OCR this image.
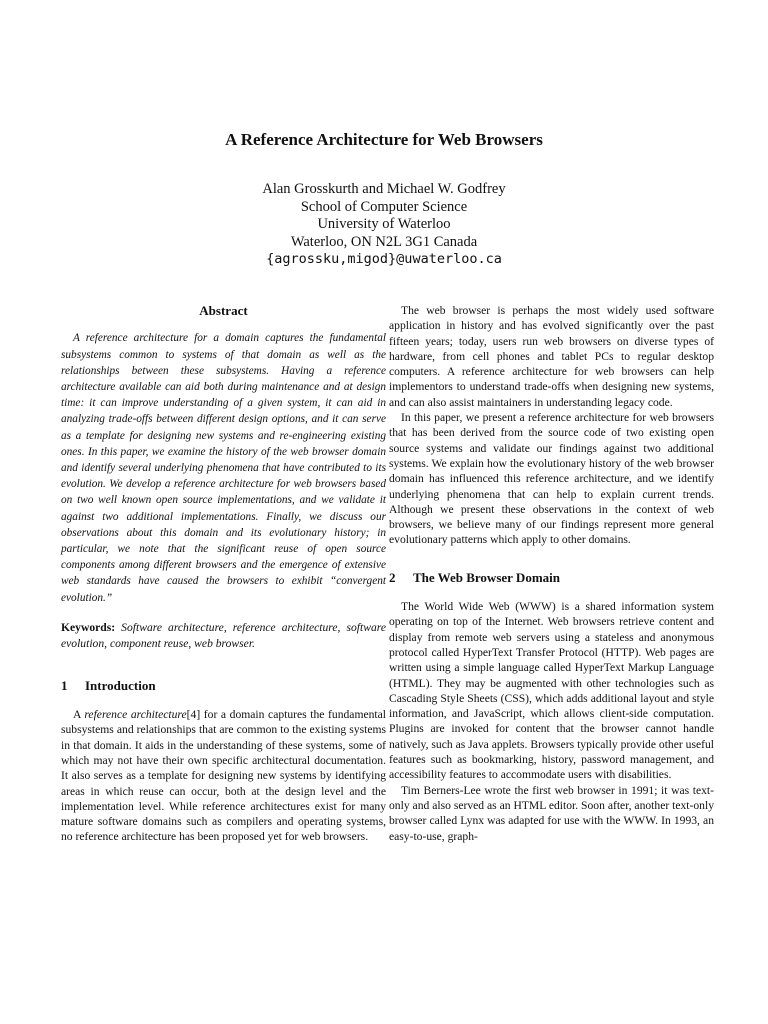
A Reference Architecture for Web Browsers
Alan Grosskurth and Michael W. Godfrey
School of Computer Science
University of Waterloo
Waterloo, ON N2L 3G1 Canada
{agrossku,migod}@uwaterloo.ca
Abstract

A reference architecture for a domain captures the fundamental subsystems common to systems of that domain as well as the relationships between these subsystems. Having a reference architecture available can aid both during maintenance and at design time: it can improve understanding of a given system, it can aid in analyzing trade-offs between different design options, and it can serve as a template for designing new systems and re-engineering existing ones. In this paper, we examine the history of the web browser domain and identify several underlying phenomena that have contributed to its evolution. We develop a reference architecture for web browsers based on two well known open source implementations, and we validate it against two additional implementations. Finally, we discuss our observations about this domain and its evolutionary history; in particular, we note that the significant reuse of open source components among different browsers and the emergence of extensive web standards have caused the browsers to exhibit “convergent evolution.”

Keywords: Software architecture, reference architecture, software evolution, component reuse, web browser.
1 Introduction

A reference architecture[4] for a domain captures the fundamental subsystems and relationships that are common to the existing systems in that domain. It aids in the understanding of these systems, some of which may not have their own specific architectural documentation. It also serves as a template for designing new systems by identifying areas in which reuse can occur, both at the design level and the implementation level. While reference architectures exist for many mature software domains such as compilers and operating systems, no reference architecture has been proposed yet for web browsers.

The web browser is perhaps the most widely used software application in history and has evolved significantly over the past fifteen years; today, users run web browsers on diverse types of hardware, from cell phones and tablet PCs to regular desktop computers. A reference architecture for web browsers can help implementors to understand trade-offs when designing new systems, and can also assist maintainers in understanding legacy code.

In this paper, we present a reference architecture for web browsers that has been derived from the source code of two existing open source systems and validate our findings against two additional systems. We explain how the evolutionary history of the web browser domain has influenced this reference architecture, and we identify underlying phenomena that can help to explain current trends. Although we present these observations in the context of web browsers, we believe many of our findings represent more general evolutionary patterns which apply to other domains.

2 The Web Browser Domain

The World Wide Web (WWW) is a shared information system operating on top of the Internet. Web browsers retrieve content and display from remote web servers using a stateless and anonymous protocol called HyperText Transfer Protocol (HTTP). Web pages are written using a simple language called HyperText Markup Language (HTML). They may be augmented with other technologies such as Cascading Style Sheets (CSS), which adds additional layout and style information, and JavaScript, which allows client-side computation. Plugins are invoked for content that the browser cannot handle natively, such as Java applets. Browsers typically provide other useful features such as bookmarking, history, password management, and accessibility features to accommodate users with disabilities.

Tim Berners-Lee wrote the first web browser in 1991; it was text-only and also served as an HTML editor. Soon after, another text-only browser called Lynx was adapted for use with the WWW. In 1993, an easy-to-use, graph-
